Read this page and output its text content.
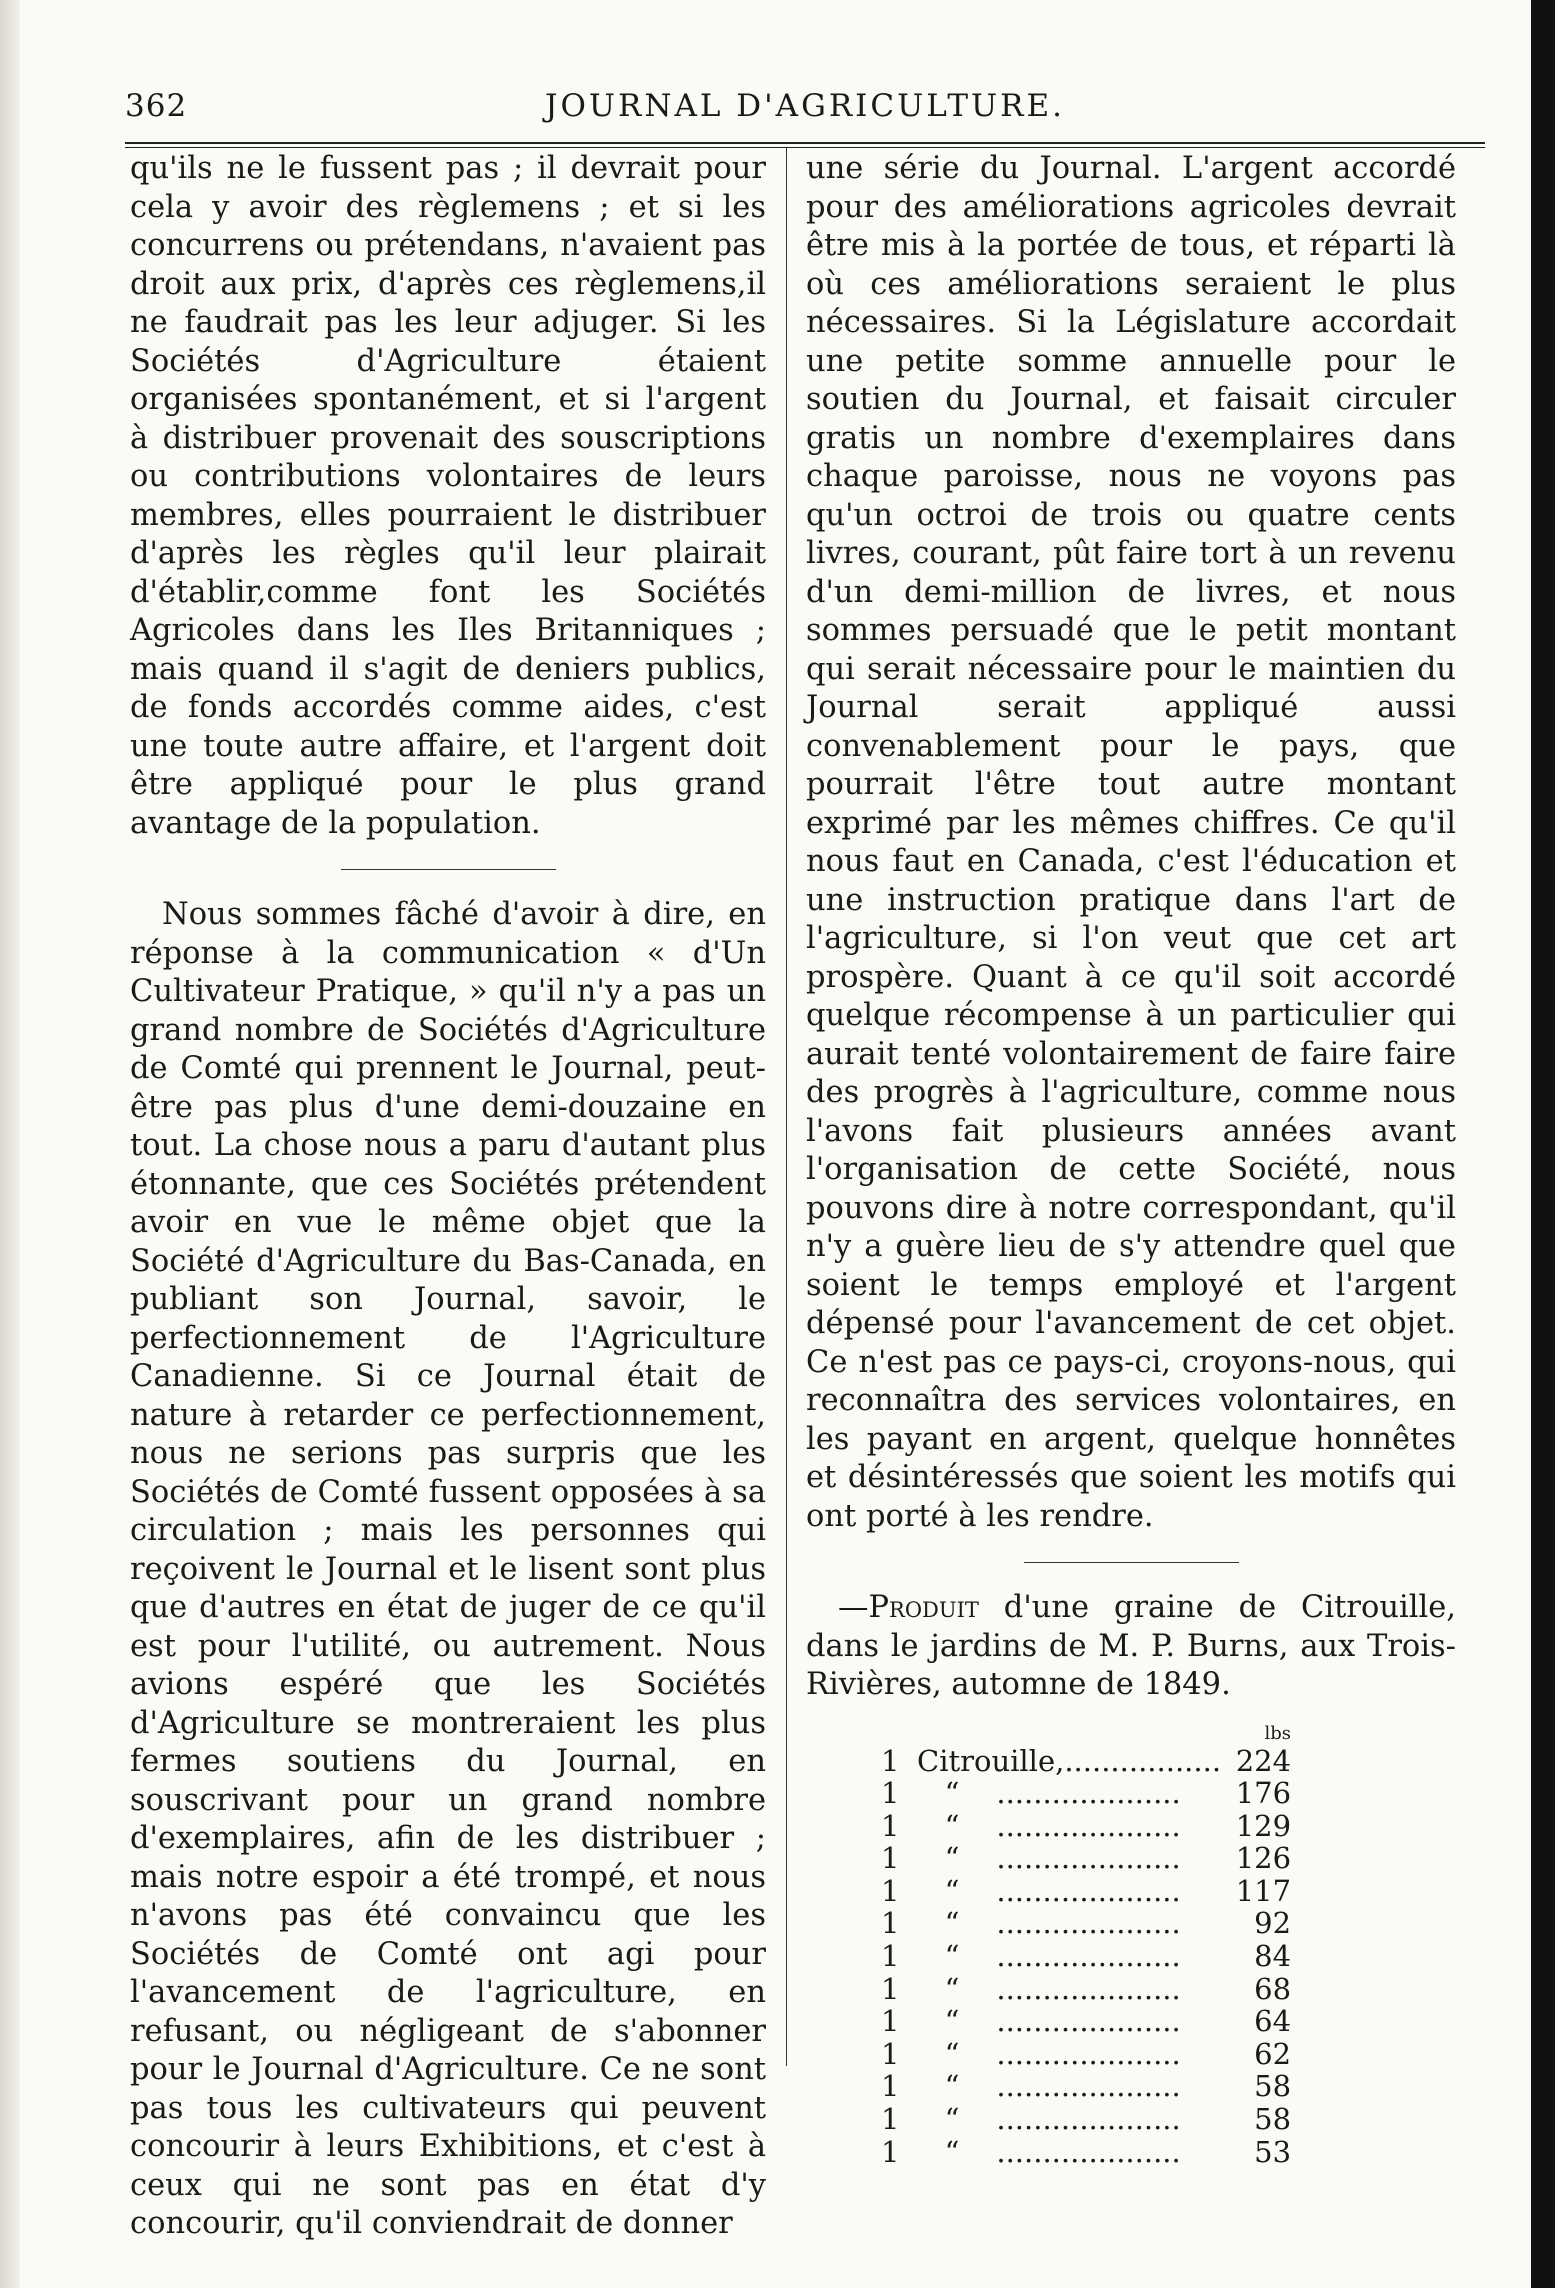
362	JOURNAL D'AGRICULTURE.

qu'ils ne le fussent pas ; il devrait pour cela y avoir des règlemens ; et si les concurrens ou prétendans, n'avaient pas droit aux prix, d'après ces règlemens,il ne faudrait pas les leur adjuger. Si les Sociétés d'Agriculture étaient organisées spontanément, et si l'argent à distribuer provenait des souscriptions ou contributions volontaires de leurs membres, elles pourraient le distribuer d'après les règles qu'il leur plairait d'établir,comme font les Sociétés Agricoles dans les Iles Britanniques ; mais quand il s'agit de deniers publics, de fonds accordés comme aides, c'est une toute autre affaire, et l'argent doit être appliqué pour le plus grand avantage de la population.

Nous sommes fâché d'avoir à dire, en réponse à la communication « d'Un Cultivateur Pratique, » qu'il n'y a pas un grand nombre de Sociétés d'Agriculture de Comté qui prennent le Journal, peut-être pas plus d'une demi-douzaine en tout. La chose nous a paru d'autant plus étonnante, que ces Sociétés prétendent avoir en vue le même objet que la Société d'Agriculture du Bas-Canada, en publiant son Journal, savoir, le perfectionnement de l'Agriculture Canadienne. Si ce Journal était de nature à retarder ce perfectionnement, nous ne serions pas surpris que les Sociétés de Comté fussent opposées à sa circulation ; mais les personnes qui reçoivent le Journal et le lisent sont plus que d'autres en état de juger de ce qu'il est pour l'utilité, ou autrement. Nous avions espéré que les Sociétés d'Agriculture se montreraient les plus fermes soutiens du Journal, en souscrivant pour un grand nombre d'exemplaires, afin de les distribuer ; mais notre espoir a été trompé, et nous n'avons pas été convaincu que les Sociétés de Comté ont agi pour l'avancement de l'agriculture, en refusant, ou négligeant de s'abonner pour le Journal d'Agriculture. Ce ne sont pas tous les cultivateurs qui peuvent concourir à leurs Exhibitions, et c'est à ceux qui ne sont pas en état d'y concourir, qu'il conviendrait de donner

une série du Journal. L'argent accordé pour des améliorations agricoles devrait être mis à la portée de tous, et réparti là où ces améliorations seraient le plus nécessaires. Si la Législature accordait une petite somme annuelle pour le soutien du Journal, et faisait circuler gratis un nombre d'exemplaires dans chaque paroisse, nous ne voyons pas qu'un octroi de trois ou quatre cents livres, courant, pût faire tort à un revenu d'un demi-million de livres, et nous sommes persuadé que le petit montant qui serait nécessaire pour le maintien du Journal serait appliqué aussi convenablement pour le pays, que pourrait l'être tout autre montant exprimé par les mêmes chiffres. Ce qu'il nous faut en Canada, c'est l'éducation et une instruction pratique dans l'art de l'agriculture, si l'on veut que cet art prospère. Quant à ce qu'il soit accordé quelque récompense à un particulier qui aurait tenté volontairement de faire faire des progrès à l'agriculture, comme nous l'avons fait plusieurs années avant l'organisation de cette Société, nous pouvons dire à notre correspondant, qu'il n'y a guère lieu de s'y attendre quel que soient le temps employé et l'argent dépensé pour l'avancement de cet objet. Ce n'est pas ce pays-ci, croyons-nous, qui reconnaîtra des services volontaires, en les payant en argent, quelque honnêtes et désintéressés que soient les motifs qui ont porté à les rendre.

—Produit d'une graine de Citrouille, dans le jardins de M. P. Burns, aux Trois-Rivières, automne de 1849.

		lbs
1	Citrouille,.................	224
1	“    ....................	176
1	“    ....................	129
1	“    ....................	126
1	“    ....................	117
1	“    ....................	92
1	“    ....................	84
1	“    ....................	68
1	“    ....................	64
1	“    ....................	62
1	“    ....................	58
1	“    ....................	58
1	“    ....................	53
